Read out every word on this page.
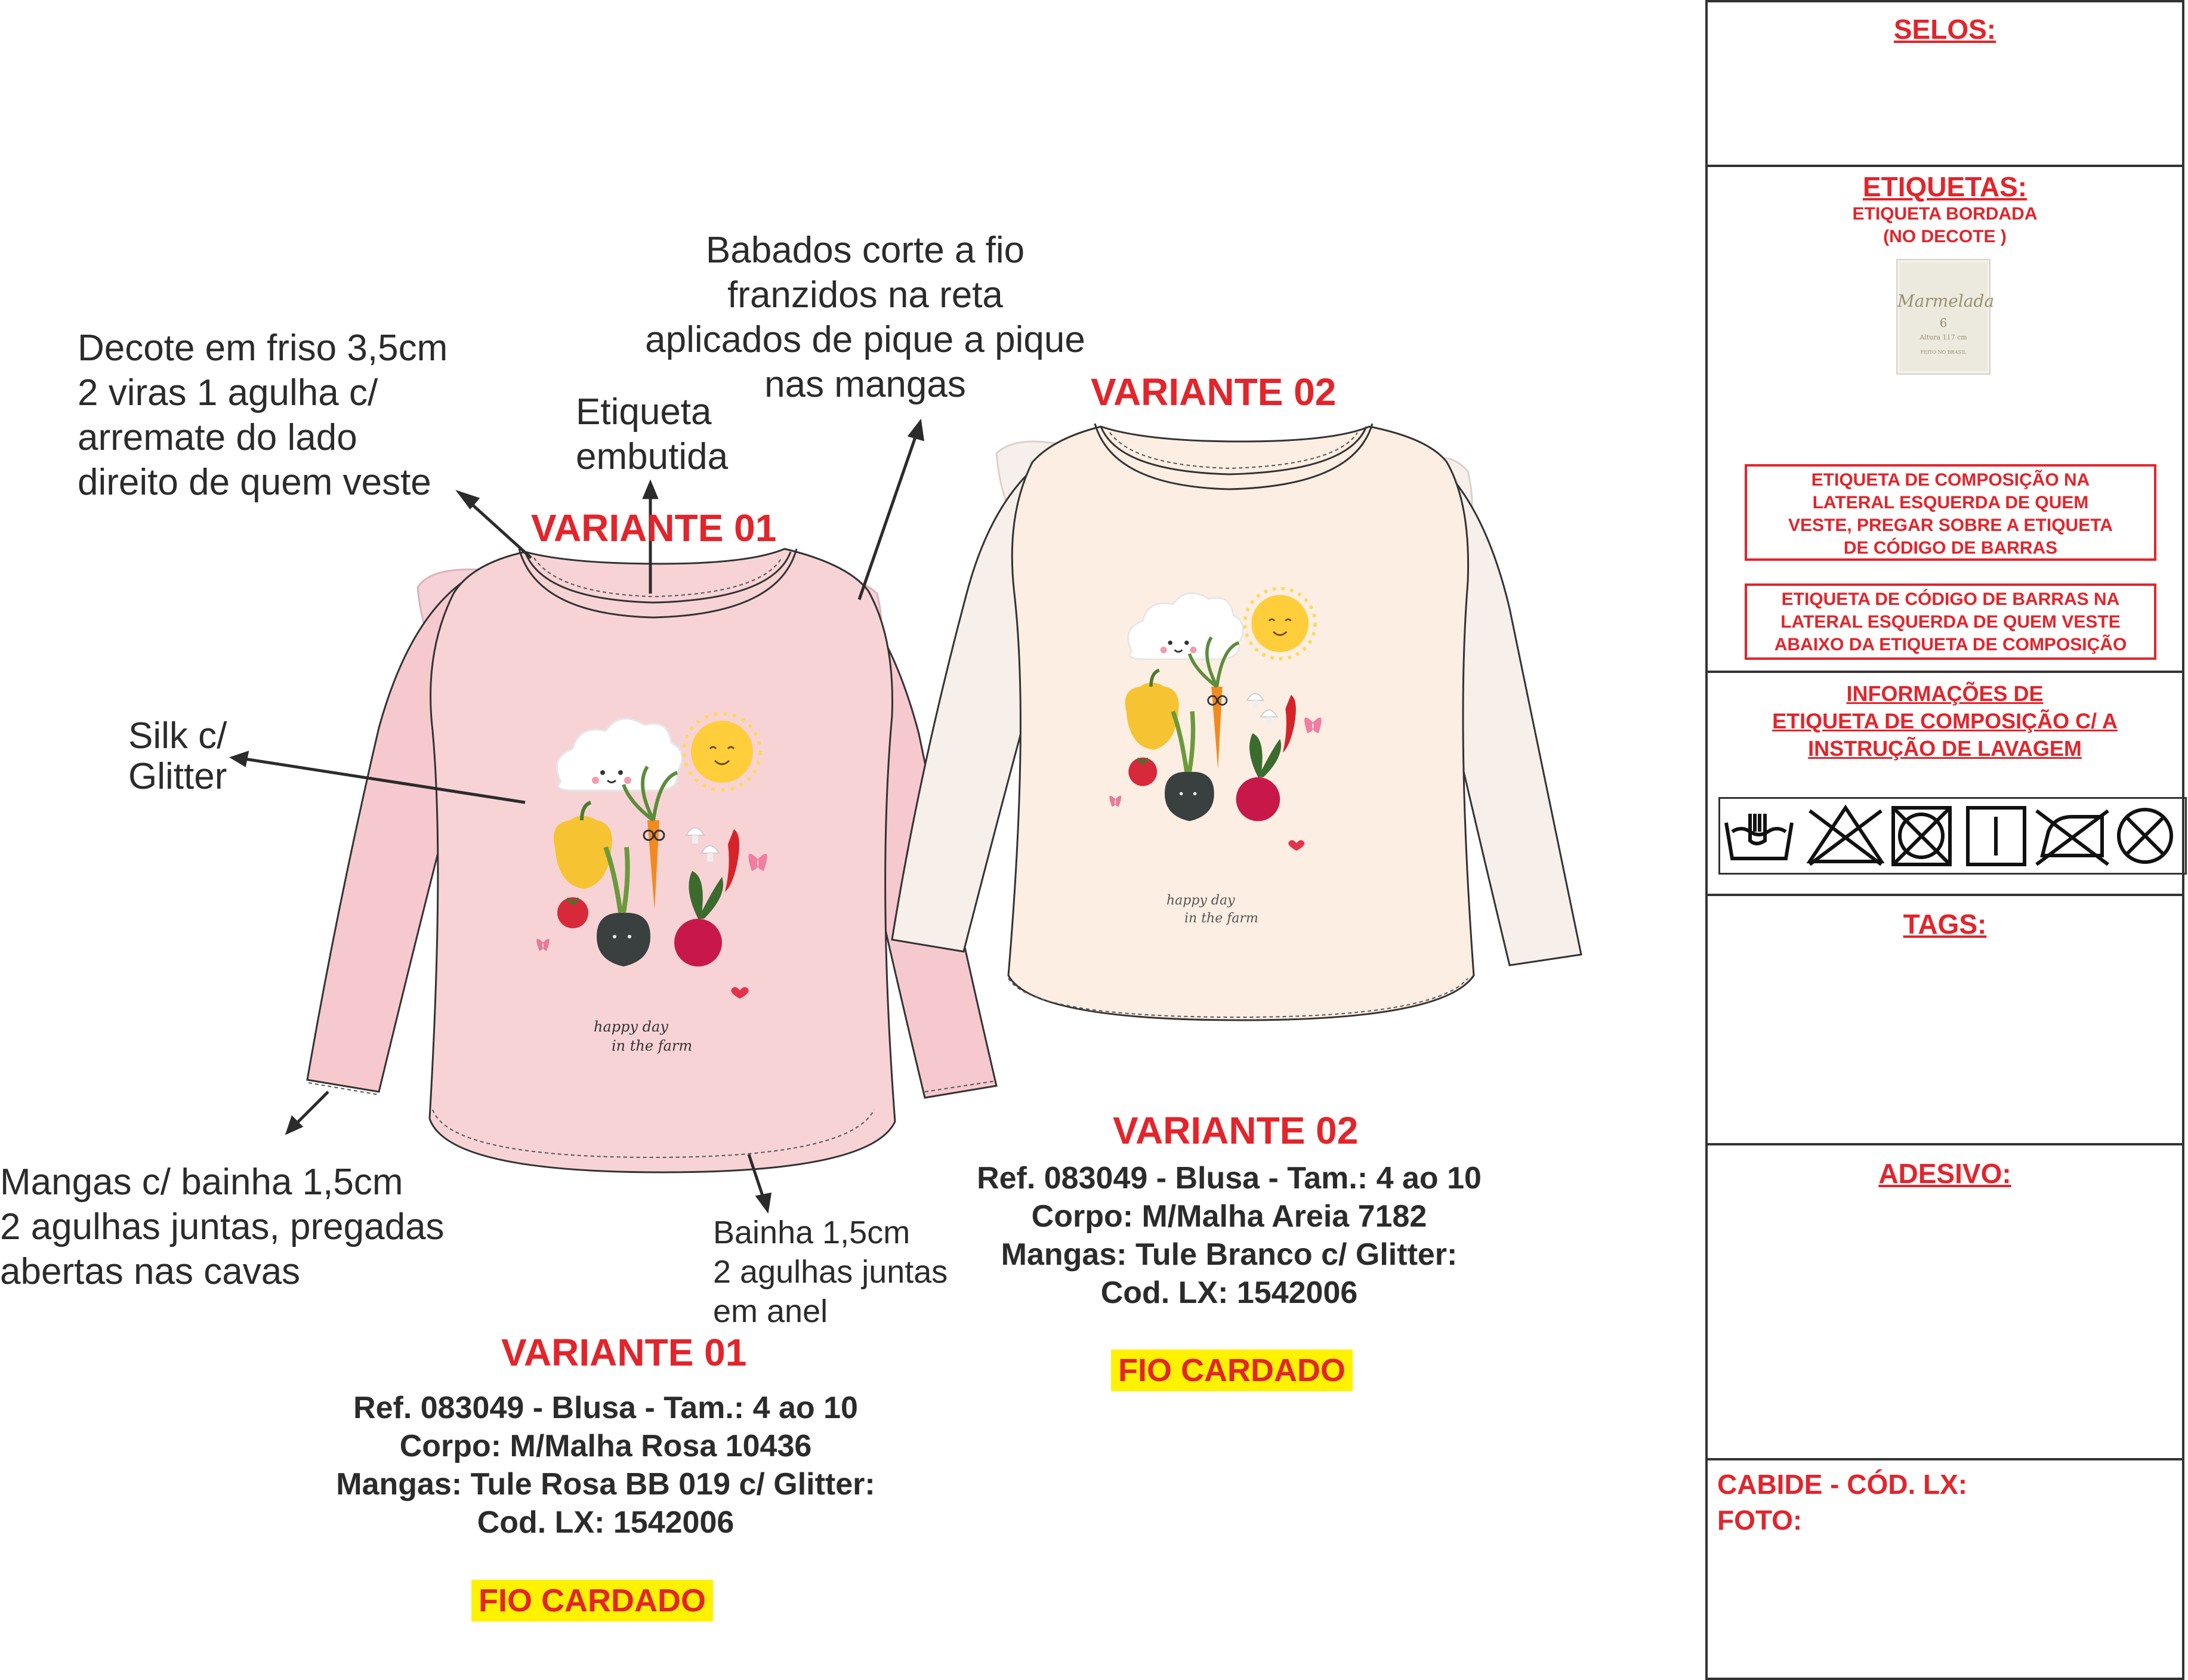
happy day
in the farm
happy day
in the farm
Decote em friso 3,5cm
2 viras 1 agulha c/
arremate do lado
direito de quem veste
Etiqueta
embutida
Babados corte a fio
franzidos na reta
aplicados de pique a pique
nas mangas
Silk c/
Glitter
Mangas c/ bainha 1,5cm
2 agulhas juntas, pregadas
abertas nas cavas
Bainha 1,5cm
2 agulhas juntas
em anel
VARIANTE 01
VARIANTE 02
VARIANTE 02
Ref. 083049 - Blusa - Tam.: 4 ao 10
Corpo: M/Malha Areia 7182
Mangas: Tule Branco c/ Glitter:
Cod. LX: 1542006
FIO CARDADO
VARIANTE 01
Ref. 083049 - Blusa - Tam.: 4 ao 10
Corpo: M/Malha Rosa 10436
Mangas: Tule Rosa BB 019 c/ Glitter:
Cod. LX: 1542006
FIO CARDADO
SELOS:
ETIQUETAS:
ETIQUETA BORDADA
(NO DECOTE )
Marmelada
6
Altura 117 cm
FEITO NO BRASIL
ETIQUETA DE COMPOSIÇÃO NA
LATERAL ESQUERDA DE QUEM
VESTE, PREGAR SOBRE A ETIQUETA
DE CÓDIGO DE BARRAS
ETIQUETA DE CÓDIGO DE BARRAS NA
LATERAL ESQUERDA DE QUEM VESTE
ABAIXO DA ETIQUETA DE COMPOSIÇÃO
INFORMAÇÕES DE
ETIQUETA DE COMPOSIÇÃO C/ A
INSTRUÇÃO DE LAVAGEM
TAGS:
ADESIVO:
CABIDE - CÓD. LX:
FOTO:
